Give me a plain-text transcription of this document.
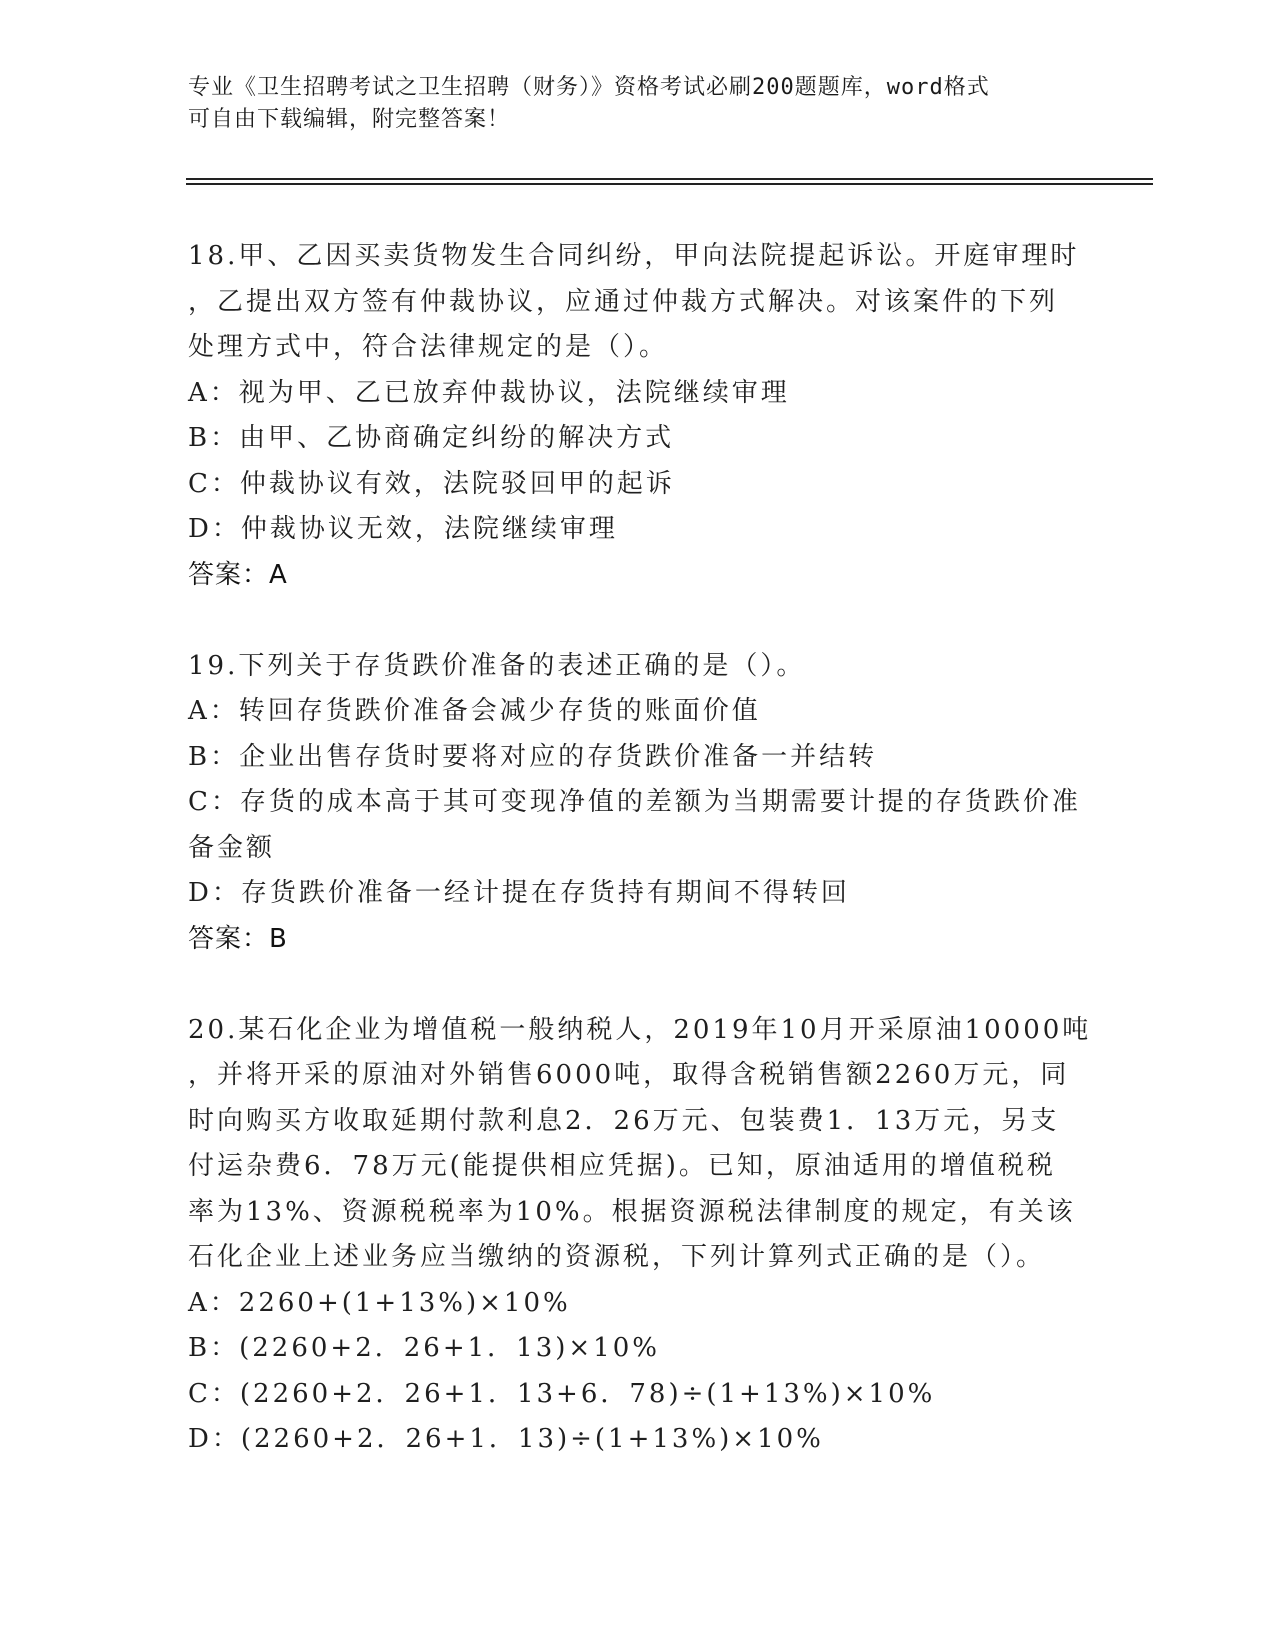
专业《卫生招聘考试之卫生招聘（财务）》资格考试必刷200题题库，word格式
可自由下载编辑，附完整答案！
18.甲、乙因买卖货物发生合同纠纷，甲向法院提起诉讼。开庭审理时
，乙提出双方签有仲裁协议，应通过仲裁方式解决。对该案件的下列
处理方式中，符合法律规定的是（）。
A：视为甲、乙已放弃仲裁协议，法院继续审理
B：由甲、乙协商确定纠纷的解决方式
C：仲裁协议有效，法院驳回甲的起诉
D：仲裁协议无效，法院继续审理
答案：A
19.下列关于存货跌价准备的表述正确的是（）。
A：转回存货跌价准备会减少存货的账面价值
B：企业出售存货时要将对应的存货跌价准备一并结转
C：存货的成本高于其可变现净值的差额为当期需要计提的存货跌价准
备金额
D：存货跌价准备一经计提在存货持有期间不得转回
答案：B
20.某石化企业为增值税一般纳税人，2019年10月开采原油10000吨
，并将开采的原油对外销售6000吨，取得含税销售额2260万元，同
时向购买方收取延期付款利息2．26万元、包装费1．13万元，另支
付运杂费6．78万元(能提供相应凭据)。已知，原油适用的增值税税
率为13%、资源税税率为10%。根据资源税法律制度的规定，有关该
石化企业上述业务应当缴纳的资源税，下列计算列式正确的是（）。
A：2260+(1+13%)×10%
B：(2260+2．26+1．13)×10%
C：(2260+2．26+1．13+6．78)÷(1+13%)×10%
D：(2260+2．26+1．13)÷(1+13%)×10%
